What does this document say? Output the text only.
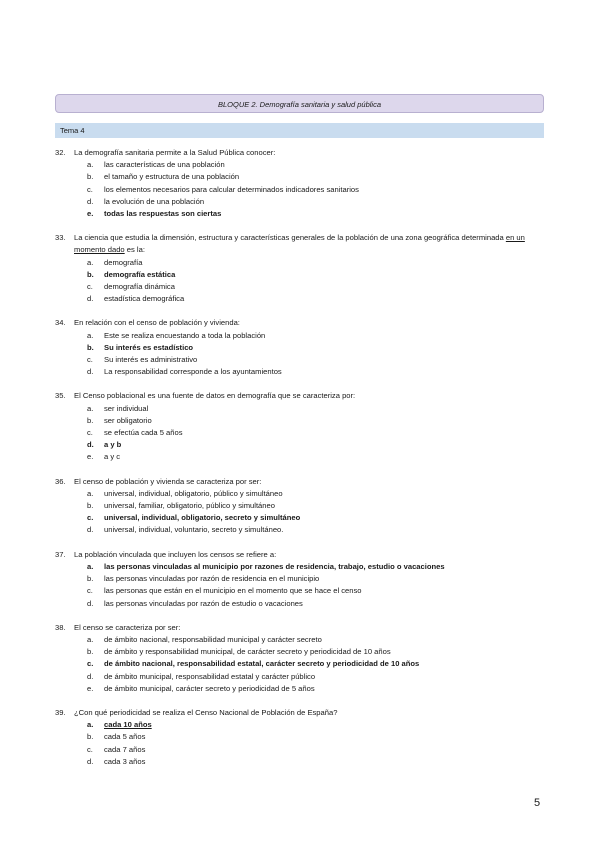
BLOQUE 2. Demografía sanitaria y salud pública
Tema 4
32.	La demografía sanitaria permite a la Salud Pública conocer:
a.	las características de una población
b.	el tamaño y estructura de una población
c.	los elementos necesarios para calcular determinados indicadores sanitarios
d.	la evolución de una población
e.	todas las respuestas son ciertas
33.	La ciencia que estudia la dimensión, estructura y características generales de la población de una zona geográfica determinada en un momento dado es la:
a.	demografía
b.	demografía estática
c.	demografía dinámica
d.	estadística demográfica
34.	En relación con el censo de población y vivienda:
a.	Este se realiza encuestando a toda la población
b.	Su interés es estadístico
c.	Su interés es administrativo
d.	La responsabilidad corresponde a los ayuntamientos
35.	El Censo poblacional es una fuente de datos en demografía que se caracteriza por:
a.	ser individual
b.	ser obligatorio
c.	se efectúa cada 5 años
d.	a y b
e.	a y c
36.	El censo de población y vivienda se caracteriza por ser:
a.	universal, individual, obligatorio, público y simultáneo
b.	universal, familiar, obligatorio, público y simultáneo
c.	universal, individual, obligatorio, secreto y simultáneo
d.	universal, individual, voluntario, secreto y simultáneo.
37.	La población vinculada que incluyen los censos se refiere a:
a.	las personas vinculadas al municipio por razones de residencia, trabajo, estudio o vacaciones
b.	las personas vinculadas por razón de residencia en el municipio
c.	las personas que están en el municipio en el momento que se hace el censo
d.	las personas vinculadas por razón de estudio o vacaciones
38.	El censo se caracteriza por ser:
a.	de ámbito nacional, responsabilidad municipal y carácter secreto
b.	de ámbito y responsabilidad municipal, de carácter secreto y periodicidad de 10 años
c.	de ámbito nacional, responsabilidad estatal, carácter secreto y periodicidad de 10 años
d.	de ámbito municipal, responsabilidad estatal y carácter público
e.	de ámbito municipal, carácter secreto y periodicidad de 5 años
39.	¿Con qué periodicidad se realiza el Censo Nacional de Población de España?
a.	cada 10 años
b.	cada 5 años
c.	cada 7 años
d.	cada 3 años
5
